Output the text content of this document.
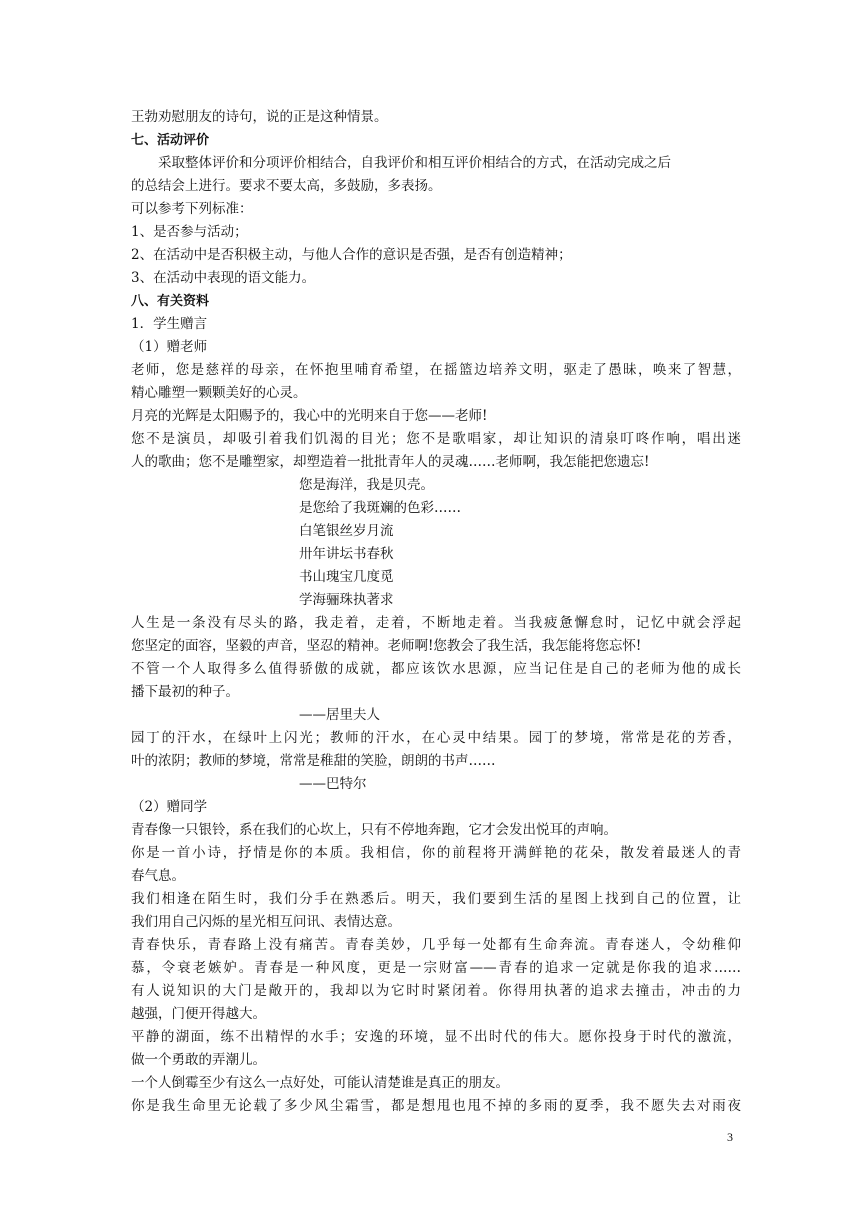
王勃劝慰朋友的诗句，说的正是这种情景。
七、活动评价
采取整体评价和分项评价相结合，自我评价和相互评价相结合的方式，在活动完成之后
的总结会上进行。要求不要太高，多鼓励，多表扬。
可以参考下列标准：
1、是否参与活动；
2、在活动中是否积极主动，与他人合作的意识是否强，是否有创造精神；
3、在活动中表现的语文能力。
八、有关资料
1．学生赠言
（1）赠老师
老师，您是慈祥的母亲，在怀抱里哺育希望，在摇篮边培养文明，驱走了愚昧，唤来了智慧，
精心雕塑一颗颗美好的心灵。
月亮的光辉是太阳赐予的，我心中的光明来自于您——老师!
您不是演员，却吸引着我们饥渴的目光；您不是歌唱家，却让知识的清泉叮咚作响，唱出迷
人的歌曲；您不是雕塑家，却塑造着一批批青年人的灵魂……老师啊，我怎能把您遗忘!
您是海洋，我是贝壳。
是您给了我斑斓的色彩……
白笔银丝岁月流
卅年讲坛书春秋
书山瑰宝几度觅
学海骊珠执著求
人生是一条没有尽头的路，我走着，走着，不断地走着。当我疲惫懈怠时，记忆中就会浮起
您坚定的面容，坚毅的声音，坚忍的精神。老师啊!您教会了我生活，我怎能将您忘怀!
不管一个人取得多么值得骄傲的成就，都应该饮水思源，应当记住是自己的老师为他的成长
播下最初的种子。
——居里夫人
园丁的汗水，在绿叶上闪光；教师的汗水，在心灵中结果。园丁的梦境，常常是花的芳香，
叶的浓阴；教师的梦境，常常是稚甜的笑脸，朗朗的书声……
——巴特尔
（2）赠同学
青春像一只银铃，系在我们的心坎上，只有不停地奔跑，它才会发出悦耳的声响。
你是一首小诗，抒情是你的本质。我相信，你的前程将开满鲜艳的花朵，散发着最迷人的青
春气息。
我们相逢在陌生时，我们分手在熟悉后。明天，我们要到生活的星图上找到自己的位置，让
我们用自己闪烁的星光相互问讯、表情达意。
青春快乐，青春路上没有痛苦。青春美妙，几乎每一处都有生命奔流。青春迷人，令幼稚仰
慕，令衰老嫉妒。青春是一种风度，更是一宗财富——青春的追求一定就是你我的追求……
有人说知识的大门是敞开的，我却以为它时时紧闭着。你得用执著的追求去撞击，冲击的力
越强，门便开得越大。
平静的湖面，练不出精悍的水手；安逸的环境，显不出时代的伟大。愿你投身于时代的激流，
做一个勇敢的弄潮儿。
一个人倒霉至少有这么一点好处，可能认清楚谁是真正的朋友。
你是我生命里无论载了多少风尘霜雪，都是想甩也甩不掉的多雨的夏季，我不愿失去对雨夜
3
